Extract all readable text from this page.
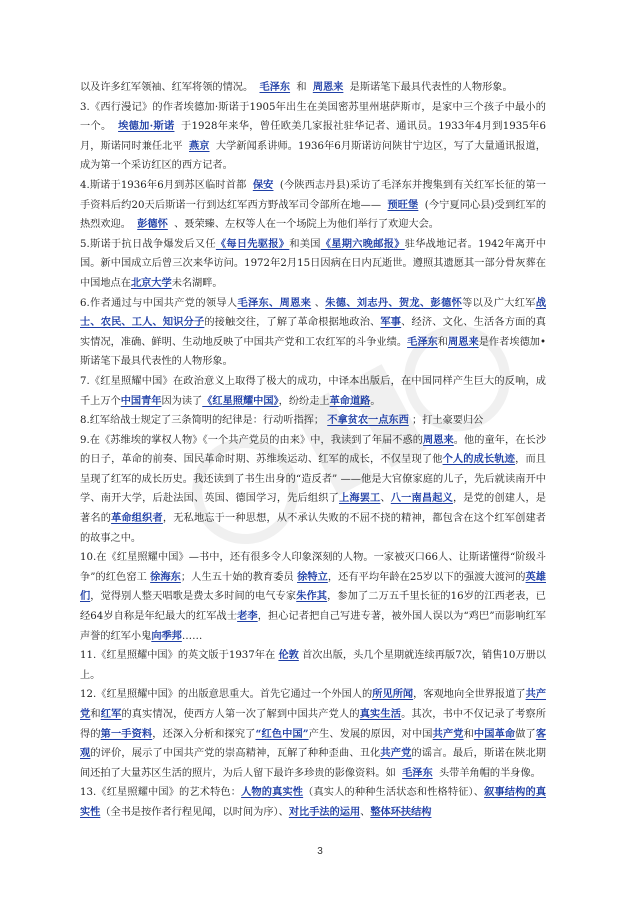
以及许多红军领袖、红军将领的情况。 毛泽东 和 周恩来 是斯诺笔下最具代表性的人物形象。

3.《西行漫记》的作者埃德加·斯诺于1905年出生在美国密苏里州堪萨斯市，是家中三个孩子中最小的一个。 埃德加·斯诺 于1928年来华，曾任欧美几家报社驻华记者、通讯员。1933年4月到1935年6月，斯诺同时兼任北平 燕京 大学新闻系讲师。1936年6月斯诺访问陕甘宁边区，写了大量通讯报道，成为第一个采访红区的西方记者。

4.斯诺于1936年6月到苏区临时首都 保安 (今陕西志丹县)采访了毛泽东并搜集到有关红军长征的第一手资料后约20天后斯诺一行到达红军西方野战军司令部所在地—— 预旺堡 (今宁夏同心县)受到红军的热烈欢迎。 彭德怀 、聂荣臻、左权等人在一个场院上为他们举行了欢迎大会。

5.斯诺于抗日战争爆发后又任《每日先驱报》和美国《星期六晚邮报》驻华战地记者。1942年离开中国。新中国成立后曾三次来华访问。1972年2月15日因病在日内瓦逝世。遵照其遗愿其一部分骨灰葬在中国地点在北京大学未名湖畔。

6.作者通过与中国共产党的领导人毛泽东、周恩来 、朱德、刘志丹、贺龙、彭德怀等以及广大红军战士、农民、工人、知识分子的接触交往，了解了革命根据地政治、军事、经济、文化、生活各方面的真实情况，准确、鲜明、生动地反映了中国共产党和工农红军的斗争业绩。毛泽东和周恩来是作者埃德加•斯诺笔下最具代表性的人物形象。

7.《红星照耀中国》在政治意义上取得了极大的成功，中译本出版后，在中国同样产生巨大的反响，成千上万个中国青年因为读了《红星照耀中国》，纷纷走上革命道路。

8.红军给战士规定了三条简明的纪律是：行动听指挥； 不拿贫农一点东西 ；打土豪要归公

9.在《苏维埃的掌权人物》《一个共产党员的由来》中，我读到了年届不惑的周恩来。他的童年，在长沙的日子，革命的前奏、国民革命时期、苏维埃运动、红军的成长，不仅呈现了他个人的成长轨迹，而且呈现了红军的成长历史。我还读到了书生出身的“造反者” ——他是大官僚家庭的儿子，先后就读南开中学、南开大学，后赴法国、英国、德国学习，先后组织了上海罢工、八一南昌起义，是党的创建人，是著名的革命组织者，无私地忘于一种思想，从不承认失败的不屈不挠的精神，都包含在这个红军创建者的故事之中。

10.在《红星照耀中国》—书中，还有很多令人印象深刻的人物。一家被灭口66人、让斯诺懂得“阶级斗争”的红色窑工 徐海东；人生五十始的教育委员 徐特立，还有平均年龄在25岁以下的强渡大渡河的英雄们，觉得别人整天唱歌是费太多时间的电气专家朱作其，参加了二万五千里长征的16岁的江西老表，已经64岁自称是年纪最大的红军战士老李，担心记者把自己写进专著，被外国人误以为“鸡巴”而影响红军声誉的红军小鬼向季邦……

11.《红星照耀中国》的英文版于1937年在 伦敦 首次出版，头几个星期就连续再版7次，销售10万册以上。

12.《红星照耀中国》的出版意思重大。首先它通过一个外国人的所见所闻，客观地向全世界报道了共产党和红军的真实情况，使西方人第一次了解到中国共产党人的真实生活。其次，书中不仅记录了考察所得的第一手资料，还深入分析和探究了“红色中国”产生、发展的原因，对中国共产党和中国革命做了客观的评价，展示了中国共产党的崇高精神，瓦解了种种歪曲、丑化共产党的谣言。最后，斯诺在陕北期间还拍了大量苏区生活的照片，为后人留下最许多珍贵的影像资料。如 毛泽东 头带羊角帽的半身像。

13.《红星照耀中国》的艺术特色：人物的真实性（真实人的种种生活状态和性格特征）、叙事结构的真实性（全书是按作者行程见闻，以时间为序）、对比手法的运用、整体环扶结构

3
